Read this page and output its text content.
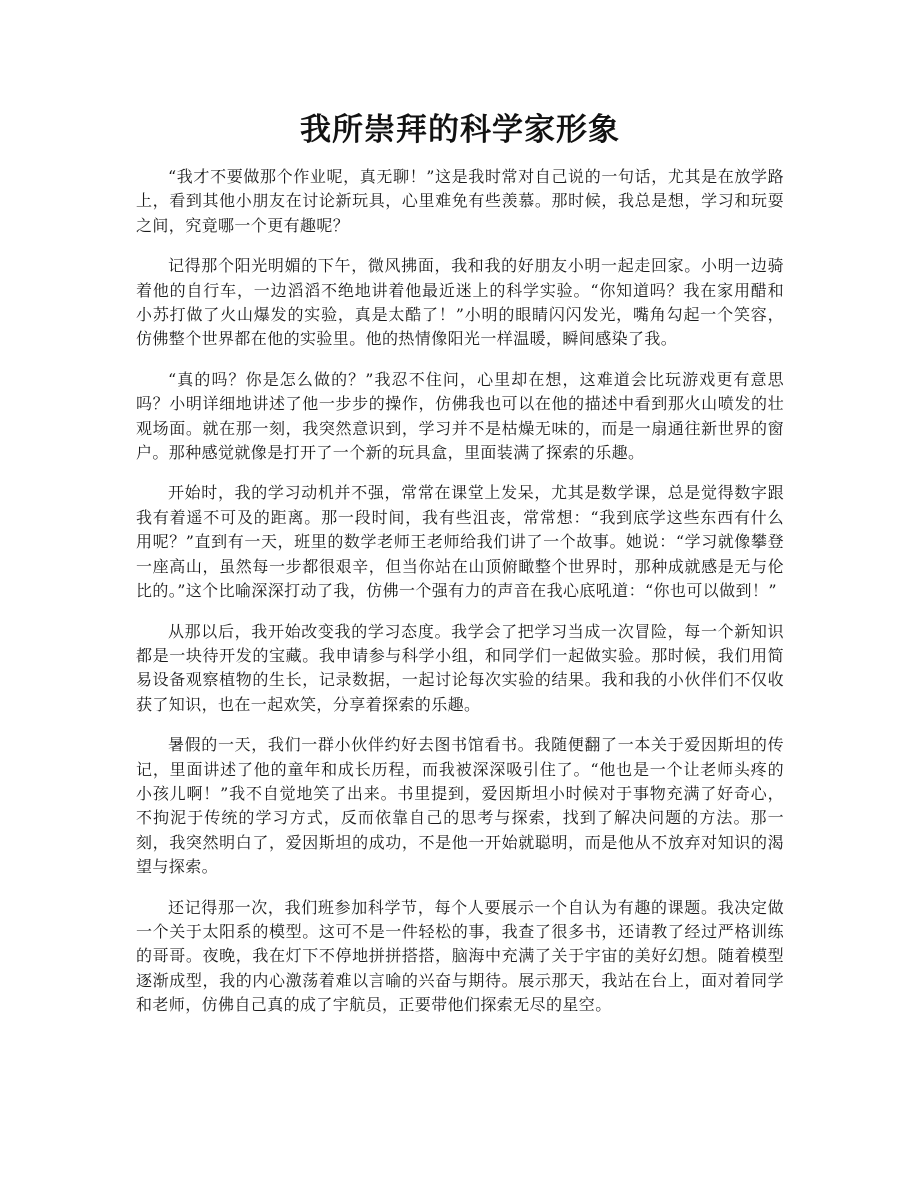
我所崇拜的科学家形象

“我才不要做那个作业呢，真无聊！”这是我时常对自己说的一句话，尤其是在放学路上，看到其他小朋友在讨论新玩具，心里难免有些羡慕。那时候，我总是想，学习和玩耍之间，究竟哪一个更有趣呢？

记得那个阳光明媚的下午，微风拂面，我和我的好朋友小明一起走回家。小明一边骑着他的自行车，一边滔滔不绝地讲着他最近迷上的科学实验。“你知道吗？我在家用醋和小苏打做了火山爆发的实验，真是太酷了！”小明的眼睛闪闪发光，嘴角勾起一个笑容，仿佛整个世界都在他的实验里。他的热情像阳光一样温暖，瞬间感染了我。

“真的吗？你是怎么做的？”我忍不住问，心里却在想，这难道会比玩游戏更有意思吗？小明详细地讲述了他一步步的操作，仿佛我也可以在他的描述中看到那火山喷发的壮观场面。就在那一刻，我突然意识到，学习并不是枯燥无味的，而是一扇通往新世界的窗户。那种感觉就像是打开了一个新的玩具盒，里面装满了探索的乐趣。

开始时，我的学习动机并不强，常常在课堂上发呆，尤其是数学课，总是觉得数字跟我有着遥不可及的距离。那一段时间，我有些沮丧，常常想：“我到底学这些东西有什么用呢？”直到有一天，班里的数学老师王老师给我们讲了一个故事。她说：“学习就像攀登一座高山，虽然每一步都很艰辛，但当你站在山顶俯瞰整个世界时，那种成就感是无与伦比的。”这个比喻深深打动了我，仿佛一个强有力的声音在我心底吼道：“你也可以做到！”

从那以后，我开始改变我的学习态度。我学会了把学习当成一次冒险，每一个新知识都是一块待开发的宝藏。我申请参与科学小组，和同学们一起做实验。那时候，我们用简易设备观察植物的生长，记录数据，一起讨论每次实验的结果。我和我的小伙伴们不仅收获了知识，也在一起欢笑，分享着探索的乐趣。

暑假的一天，我们一群小伙伴约好去图书馆看书。我随便翻了一本关于爱因斯坦的传记，里面讲述了他的童年和成长历程，而我被深深吸引住了。“他也是一个让老师头疼的小孩儿啊！”我不自觉地笑了出来。书里提到，爱因斯坦小时候对于事物充满了好奇心，不拘泥于传统的学习方式，反而依靠自己的思考与探索，找到了解决问题的方法。那一刻，我突然明白了，爱因斯坦的成功，不是他一开始就聪明，而是他从不放弃对知识的渴望与探索。

还记得那一次，我们班参加科学节，每个人要展示一个自认为有趣的课题。我决定做一个关于太阳系的模型。这可不是一件轻松的事，我查了很多书，还请教了经过严格训练的哥哥。夜晚，我在灯下不停地拼拼搭搭，脑海中充满了关于宇宙的美好幻想。随着模型逐渐成型，我的内心激荡着难以言喻的兴奋与期待。展示那天，我站在台上，面对着同学和老师，仿佛自己真的成了宇航员，正要带他们探索无尽的星空。
